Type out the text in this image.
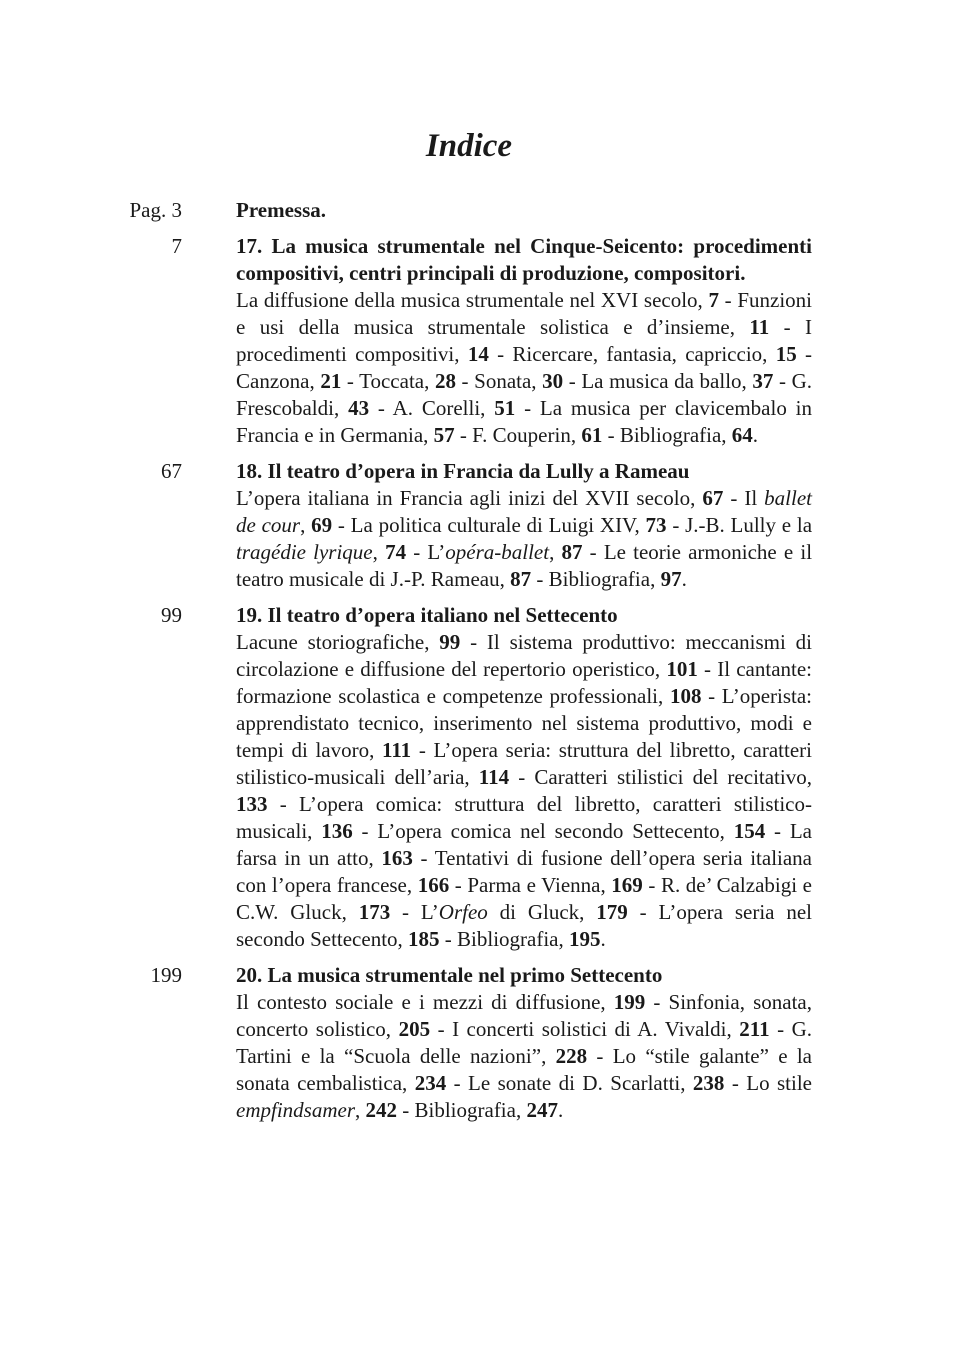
Indice
Pag. 3	Premessa.
7	17. La musica strumentale nel Cinque-Seicento: procedimenti compositivi, centri principali di produzione, compositori.
La diffusione della musica strumentale nel XVI secolo, 7 - Funzioni e usi della musica strumentale solistica e d’insieme, 11 - I procedimenti compositivi, 14 - Ricercare, fantasia, capriccio, 15 - Canzona, 21 - Toccata, 28 - Sonata, 30 - La musica da ballo, 37 - G. Frescobaldi, 43 - A. Corelli, 51 - La musica per clavicembalo in Francia e in Germania, 57 - F. Couperin, 61 - Bibliografia, 64.
67	18. Il teatro d’opera in Francia da Lully a Rameau
L’opera italiana in Francia agli inizi del XVII secolo, 67 - Il ballet de cour, 69 - La politica culturale di Luigi XIV, 73 - J.-B. Lully e la tragédie lyrique, 74 - L’opéra-ballet, 87 - Le teorie armoniche e il teatro musicale di J.-P. Rameau, 87 - Bibliografia, 97.
99	19. Il teatro d’opera italiano nel Settecento
Lacune storiografiche, 99 - Il sistema produttivo: meccanismi di circolazione e diffusione del repertorio operistico, 101 - Il cantante: formazione scolastica e competenze professionali, 108 - L’operista: apprendistato tecnico, inserimento nel sistema produttivo, modi e tempi di lavoro, 111 - L’opera seria: struttura del libretto, caratteri stilistico-musicali dell’aria, 114 - Caratteri stilistici del recitativo, 133 - L’opera comica: struttura del libretto, caratteri stilistico-musicali, 136 - L’opera comica nel secondo Settecento, 154 - La farsa in un atto, 163 - Tentativi di fusione dell’opera seria italiana con l’opera francese, 166 - Parma e Vienna, 169 - R. de’ Calzabigi e C.W. Gluck, 173 - L’Orfeo di Gluck, 179 - L’opera seria nel secondo Settecento, 185 - Bibliografia, 195.
199	20. La musica strumentale nel primo Settecento
Il contesto sociale e i mezzi di diffusione, 199 - Sinfonia, sonata, concerto solistico, 205 - I concerti solistici di A. Vivaldi, 211 - G. Tartini e la “Scuola delle nazioni”, 228 - Lo “stile galante” e la sonata cembalistica, 234 - Le sonate di D. Scarlatti, 238 - Lo stile empfindsamer, 242 - Bibliografia, 247.
